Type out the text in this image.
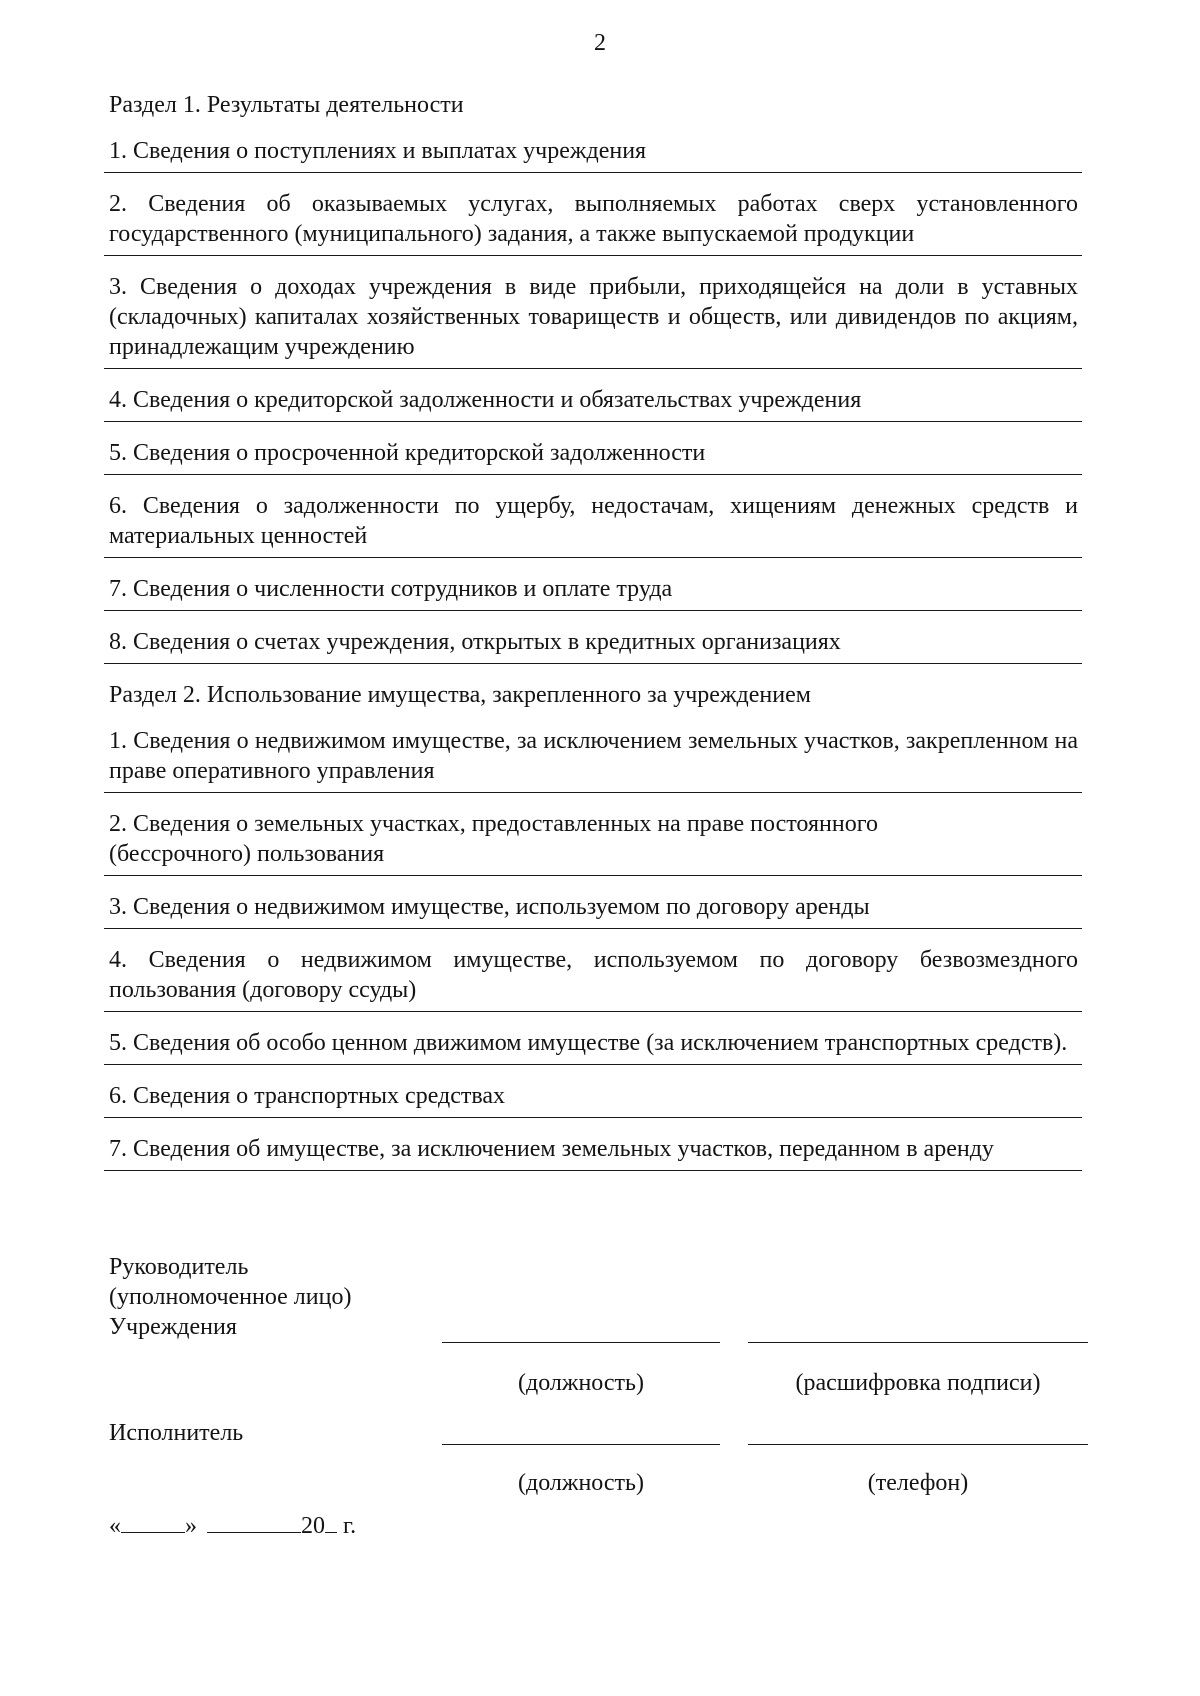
2
Раздел 1. Результаты деятельности
1. Сведения о поступлениях и выплатах учреждения
2. Сведения об оказываемых услугах, выполняемых работах сверх установленного государственного (муниципального) задания, а также выпускаемой продукции
3. Сведения о доходах учреждения в виде прибыли, приходящейся на доли в уставных (складочных) капиталах хозяйственных товариществ и обществ, или дивидендов по акциям, принадлежащим учреждению
4. Сведения о кредиторской задолженности и обязательствах учреждения
5. Сведения о просроченной кредиторской задолженности
6. Сведения о задолженности по ущербу, недостачам, хищениям денежных средств и материальных ценностей
7. Сведения о численности сотрудников и оплате труда
8. Сведения о счетах учреждения, открытых в кредитных организациях
Раздел 2. Использование имущества, закрепленного за учреждением
1. Сведения о недвижимом имуществе, за исключением земельных участков, закрепленном на праве оперативного управления
2. Сведения о земельных участках, предоставленных на праве постоянного (бессрочного) пользования
3. Сведения о недвижимом имуществе, используемом по договору аренды
4. Сведения о недвижимом имуществе, используемом по договору безвозмездного пользования (договору ссуды)
5. Сведения об особо ценном движимом имуществе (за исключением транспортных средств).
6. Сведения о транспортных средствах
7. Сведения об имуществе, за исключением земельных участков, переданном в аренду
Руководитель
(уполномоченное лицо)
Учреждения
(должность)	(расшифровка подписи)
Исполнитель
(должность)	(телефон)
«	»	20 г.
